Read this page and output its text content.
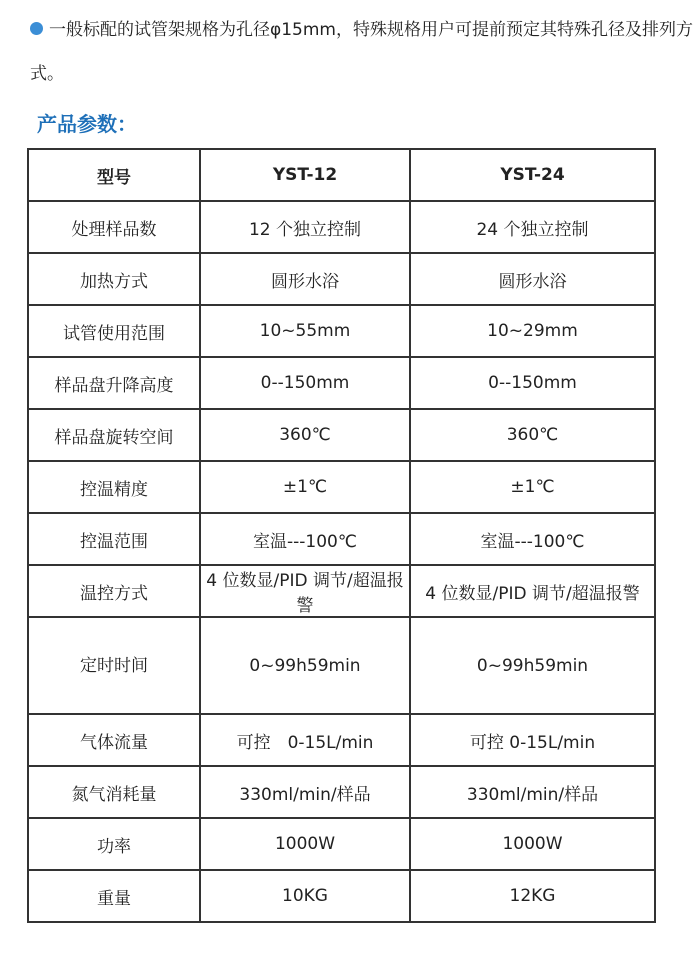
一般标配的试管架规格为孔径φ15mm，特殊规格用户可提前预定其特殊孔径及排列方式。
产品参数：
型号	YST-12	YST-24
处理样品数	12 个独立控制	24 个独立控制
加热方式	圆形水浴	圆形水浴
试管使用范围	10~55mm	10~29mm
样品盘升降高度	0--150mm	0--150mm
样品盘旋转空间	360℃	360℃
控温精度	±1℃	±1℃
控温范围	室温---100℃	室温---100℃
温控方式	4 位数显/PID 调节/超温报警	4 位数显/PID 调节/超温报警
定时时间	0~99h59min	0~99h59min
气体流量	可控　0-15L/min	可控 0-15L/min
氮气消耗量	330ml/min/样品	330ml/min/样品
功率	1000W	1000W
重量	10KG	12KG
